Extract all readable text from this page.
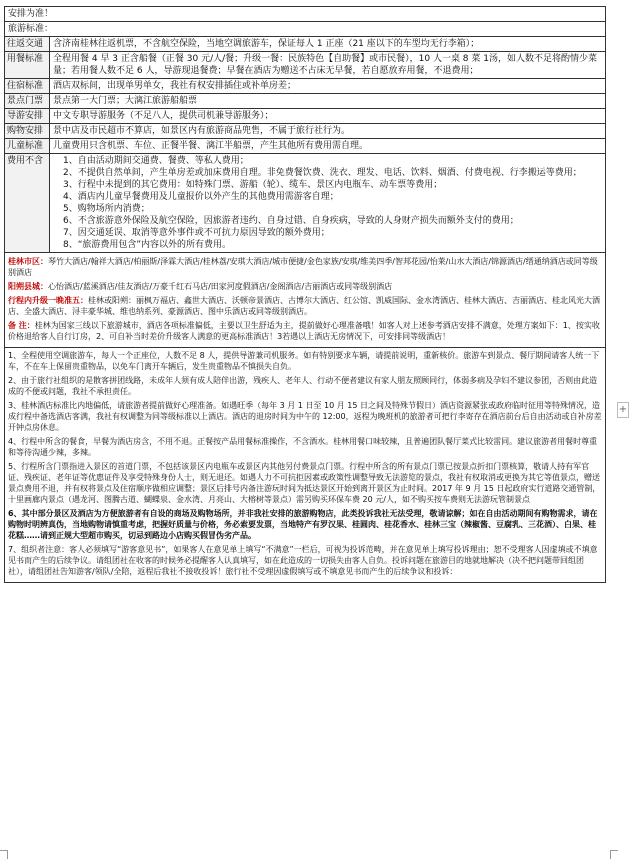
安排为准！
旅游标准：
往返交通	含济南桂林往返机票，不含航空保险，当地空调旅游车，保证每人 1 正座（21 座以下的车型均无行李箱）；
用餐标准	全程用餐 4 早 3 正含船餐（正餐 30 元/人/餐；升级一餐：民族特色【自助餐】或市民餐），10 人一桌 8 菜 1汤，如人数不足将酌情少菜量；若用餐人数不足 6 人，导游现退餐费；早餐在酒店为赠送不占床无早餐，若自愿放弃用餐，不退费用；
住宿标准	酒店双标间，出现单男单女，我社有权安排插住或补单房差；
景点门票	景点第一大门票；大漓江旅游船船票
导游安排	中文专职导游服务（不足八人，提供司机兼导游服务）；
购物安排	景中店及市民超市不算店，如景区内有旅游商品兜售，不属于旅行社行为。
儿童标准	儿童费用只含机票、车位、正餐半餐、漓江半船票，产生其他所有费用需自理。
费用不含	1、自由活动期间交通费、餐费、等私人费用；
2、不提供自然单间，产生单房差或加床费用自理。非免费餐饮费、洗衣、理发、电话、饮料、烟酒、付费电视、行李搬运等费用；
3、行程中未提到的其它费用：如特殊门票、游船（轮）、缆车、景区内电瓶车、动车票等费用；
4、酒店内儿童早餐费用及儿童报价以外产生的其他费用需游客自理；
5、购物场所内消费；
6、不含旅游意外保险及航空保险，因旅游者违约、自身过错、自身疾病，导致的人身财产损失而额外支付的费用；
7、因交通延误、取消等意外事件或不可抗力原因导致的额外费用；
8、“旅游费用包含”内容以外的所有费用。

桂林市区：琴竹大酒店/翰祥大酒店/柏丽斯/泽霖大酒店/桂林荔/安琪大酒店/城市便捷/金色家族/安琪/维美四季/智邦花园/怡莱/山水大酒店/锦源酒店/缙通纳酒店或同等级别酒店

阳朔县城：心怡酒店/蓝溪酒店/佳友酒店/万豪千红石马店/田家河度假酒店/金阁酒店/吉丽酒店或同等级别酒店

行程内升级一晚准五：桂林或阳朔：丽枫万福店、鑫世大酒店、沃顿帝景酒店、古博尔大酒店、红公馆、凯威国际、金水湾酒店、桂林大酒店、吉丽酒店、桂北风光大酒店、全盛大酒店、浔丰豪华城、维也纳系列、豪源酒店、图中乐酒店或同等级别酒店。

备 注：桂林为国家三线以下旅游城市，酒店各项标准偏低，主要以卫生舒适为主，提前做好心理准备哦！如客人对上述参考酒店安排不满意，处理方案如下：1、按实收价格退给客人自行订房，2、可自补当时差价升级客人满意的更高标准酒店！3若遇以上酒店无房情况下，可安排同等级酒店！

1、全程使用空调旅游车，每人一个正座位，人数不足 8 人，提供导游兼司机服务。如有特别要求车辆，请提前说明，重新核价。旅游车到景点、餐厅期间请客人统一下车，不在车上保留贵重物品，以免车门离开车辆后，发生贵重物品不慎损失自负。

2、由于旅行社组织的是散客拼团线路，未成年人须有成人陪伴出游，残疾人、老年人、行动不便者建议有家人朋友照顾同行，体弱多病及孕妇不建议参团，否则由此造成的不便或问题，我社不承担责任。

3、桂林酒店标准比内地偏低，请旅游者提前做好心理准备。如遇旺季（每年 3 月 1 日至 10 月 15 日之间及特殊节假日）酒店资源紧张或政府临时征用等特殊情况，造成行程中备选酒店客满，我社有权调整为同等级标准以上酒店。酒店的退房时间为中午的 12:00，返程为晚班机的旅游者可把行李寄存在酒店前台后自由活动或自补房差开钟点房休息。

4、行程中所含的餐食，早餐为酒店房含，不用不退。正餐按产品用餐标准操作，不含酒水。桂林用餐口味较辣，且普遍团队餐厅菜式比较雷同。建议旅游者用餐时尊重和等待沟通少辣，多辣。

5、行程所含门票指进入景区的首道门票，不包括该景区内电瓶车或景区内其他另付费景点门票。行程中所含的所有景点门票已按景点折扣门票核算，敬请人持有军官证、残疾证、老年证等优惠证件及享受特殊身份人士，则无退还。如遇人力不可抗拒因素或政策性调整导致无法游览的景点，我社有权取消或更换为其它等值景点，赠送景点费用不退，并有权将景点及住宿顺序做相应调整；景区后排号内备注游玩时间为抵达景区开始到离开景区为止时间。2017 年 9 月 15 日起政府实行道路交通管制，十里画廊内景点（遇龙河、图腾古道、蝴蝶泉、金水湾、月亮山、大榕树等景点）需另购买环保车费 20 元/人，如不购买按车费则无法游玩管制景点

6、其中部分景区及酒店为方便旅游者有自设的商场及购物场所，并非我社安排的旅游购物店，此类投诉我社无法受理，敬请谅解；如在自由活动期间有购物需求，请在购物时明辨真伪，当地购物请慎重考虑，把握好质量与价格，务必索要发票，当地特产有罗汉果、桂圆肉、桂花香水、桂林三宝（辣椒酱、豆腐乳、三花酒）、白果、桂花糕……请到正规大型超市购买，切忌到路边小店购买假冒伪劣产品。

7、组织者注意：客人必须填写“游客意见书”，如果客人在意见单上填写“不满意”一栏后，可视为投诉范畴，并在意见单上填写投诉理由；恕不受理客人因虚填或不填意见书而产生的后续争议。请组团社在收客的时候务必提醒客人认真填写，如在此造成的一切损失由客人自负。投诉问题在旅游目的地就地解决（决不把问题带回组团社），请组团社告知游客/领队/全陪，返程后我社不接收投诉！旅行社不受理因虚假填写或不填意见书而产生的后续争议和投诉：

+
